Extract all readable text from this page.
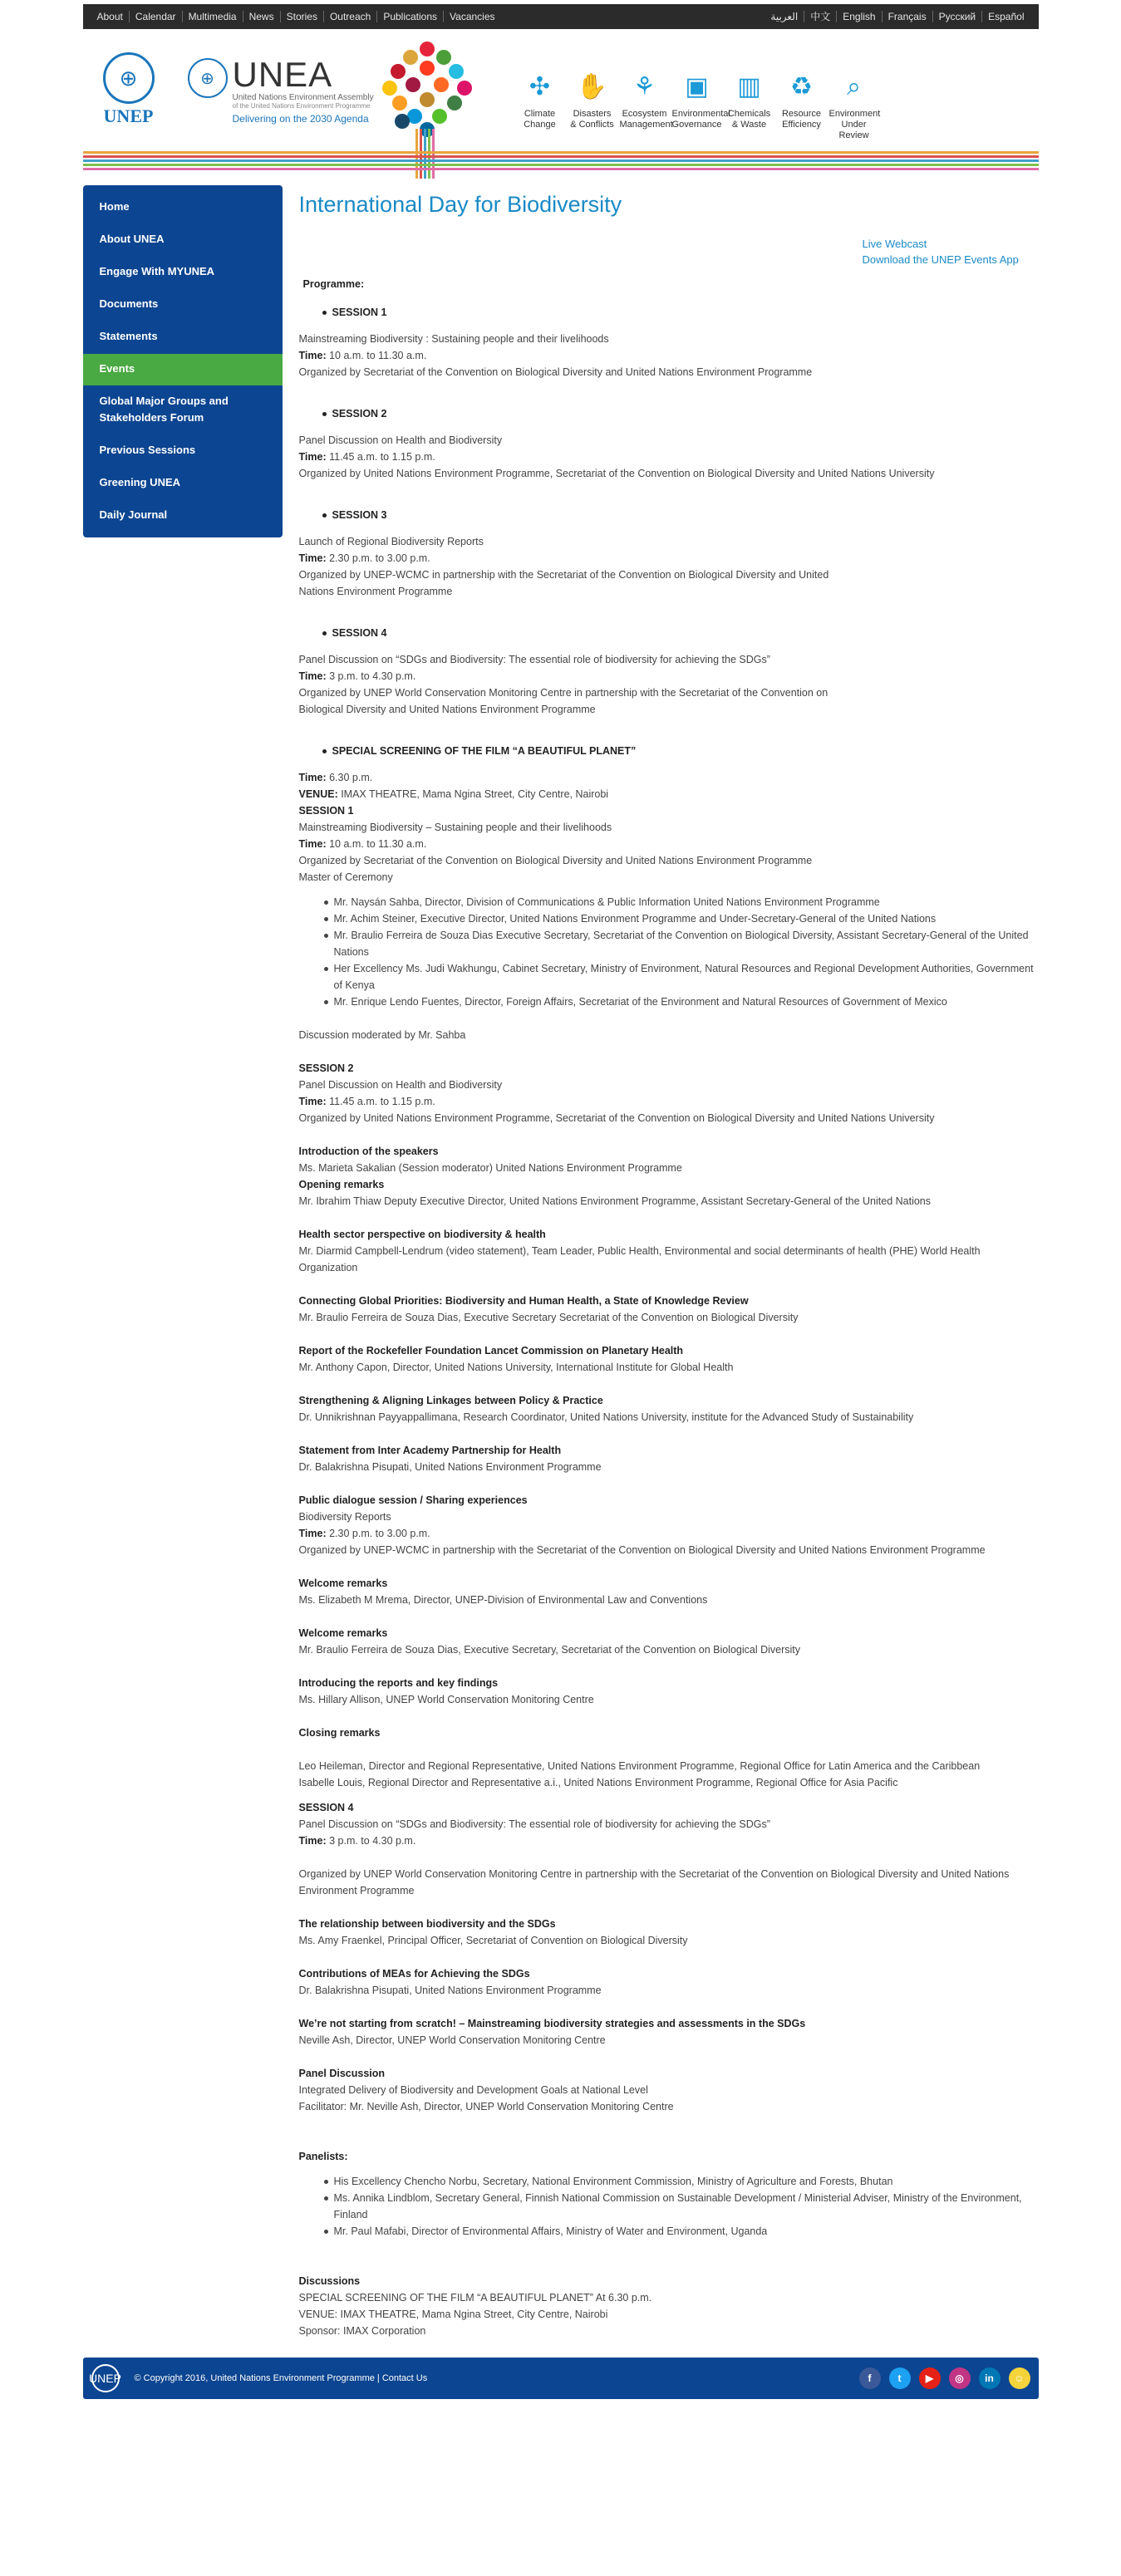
About	Calendar	Multimedia	News	Stories	Outreach	Publications	Vacancies	العربية	中文	English	Français	Русский	Español
⊕
UNEP
⊕ UNEA
United Nations Environment Assembly
of the United Nations Environment Programme
Delivering on the 2030 Agenda
✣
Climate
Change
✋
Disasters
& Conflicts
⚘
Ecosystem
Management
▣
Environmental
Governance
▥
Chemicals
& Waste
♻
Resource
Efficiency
⌕
Environment
Under Review
Home
About UNEA
Engage With MYUNEA
Documents
Statements
Events
Global Major Groups and Stakeholders Forum
Previous Sessions
Greening UNEA
Daily Journal
International Day for Biodiversity
Live Webcast
Download the UNEP Events App
Programme:
SESSION 1
Mainstreaming Biodiversity : Sustaining people and their livelihoods
Time: 10 a.m. to 11.30 a.m.
Organized by Secretariat of the Convention on Biological Diversity and United Nations Environment Programme
SESSION 2
Panel Discussion on Health and Biodiversity
Time: 11.45 a.m. to 1.15 p.m.
Organized by United Nations Environment Programme, Secretariat of the Convention on Biological Diversity and United Nations University
SESSION 3
Launch of Regional Biodiversity Reports
Time: 2.30 p.m. to 3.00 p.m.
Organized by UNEP-WCMC in partnership with the Secretariat of the Convention on Biological Diversity and United Nations Environment Programme
SESSION 4
Panel Discussion on “SDGs and Biodiversity: The essential role of biodiversity for achieving the SDGs”
Time: 3 p.m. to 4.30 p.m.
Organized by UNEP World Conservation Monitoring Centre in partnership with the Secretariat of the Convention on Biological Diversity and United Nations Environment Programme
SPECIAL SCREENING OF THE FILM “A BEAUTIFUL PLANET”
Time: 6.30 p.m.
VENUE: IMAX THEATRE, Mama Ngina Street, City Centre, Nairobi
SESSION 1
Mainstreaming Biodiversity – Sustaining people and their livelihoods
Time: 10 a.m. to 11.30 a.m.
Organized by Secretariat of the Convention on Biological Diversity and United Nations Environment Programme
Master of Ceremony
Mr. Naysán Sahba, Director, Division of Communications & Public Information United Nations Environment Programme
Mr. Achim Steiner, Executive Director, United Nations Environment Programme and Under-Secretary-General of the United Nations
Mr. Braulio Ferreira de Souza Dias Executive Secretary, Secretariat of the Convention on Biological Diversity, Assistant Secretary-General of the United Nations
Her Excellency Ms. Judi Wakhungu, Cabinet Secretary, Ministry of Environment, Natural Resources and Regional Development Authorities, Government of Kenya
Mr. Enrique Lendo Fuentes, Director, Foreign Affairs, Secretariat of the Environment and Natural Resources of Government of Mexico
Discussion moderated by Mr. Sahba
SESSION 2
Panel Discussion on Health and Biodiversity
Time: 11.45 a.m. to 1.15 p.m.
Organized by United Nations Environment Programme, Secretariat of the Convention on Biological Diversity and United Nations University
Introduction of the speakers
Ms. Marieta Sakalian (Session moderator) United Nations Environment Programme
Opening remarks
Mr. Ibrahim Thiaw Deputy Executive Director, United Nations Environment Programme, Assistant Secretary-General of the United Nations
Health sector perspective on biodiversity & health
Mr. Diarmid Campbell-Lendrum (video statement), Team Leader, Public Health, Environmental and social determinants of health (PHE) World Health Organization
Connecting Global Priorities: Biodiversity and Human Health, a State of Knowledge Review
Mr. Braulio Ferreira de Souza Dias, Executive Secretary Secretariat of the Convention on Biological Diversity
Report of the Rockefeller Foundation Lancet Commission on Planetary Health
Mr. Anthony Capon, Director, United Nations University, International Institute for Global Health
Strengthening & Aligning Linkages between Policy & Practice
Dr. Unnikrishnan Payyappallimana, Research Coordinator, United Nations University, institute for the Advanced Study of Sustainability
Statement from Inter Academy Partnership for Health
Dr. Balakrishna Pisupati, United Nations Environment Programme
Public dialogue session / Sharing experiences
Biodiversity Reports
Time: 2.30 p.m. to 3.00 p.m.
Organized by UNEP-WCMC in partnership with the Secretariat of the Convention on Biological Diversity and United Nations Environment Programme
Welcome remarks
Ms. Elizabeth M Mrema, Director, UNEP-Division of Environmental Law and Conventions
Welcome remarks
Mr. Braulio Ferreira de Souza Dias, Executive Secretary, Secretariat of the Convention on Biological Diversity
Introducing the reports and key findings
Ms. Hillary Allison, UNEP World Conservation Monitoring Centre
Closing remarks
Leo Heileman, Director and Regional Representative, United Nations Environment Programme, Regional Office for Latin America and the Caribbean
Isabelle Louis, Regional Director and Representative a.i., United Nations Environment Programme, Regional Office for Asia Pacific
SESSION 4
Panel Discussion on “SDGs and Biodiversity: The essential role of biodiversity for achieving the SDGs”
Time: 3 p.m. to 4.30 p.m.
Organized by UNEP World Conservation Monitoring Centre in partnership with the Secretariat of the Convention on Biological Diversity and United Nations Environment Programme
The relationship between biodiversity and the SDGs
Ms. Amy Fraenkel, Principal Officer, Secretariat of Convention on Biological Diversity
Contributions of MEAs for Achieving the SDGs
Dr. Balakrishna Pisupati, United Nations Environment Programme
We’re not starting from scratch! – Mainstreaming biodiversity strategies and assessments in the SDGs
Neville Ash, Director, UNEP World Conservation Monitoring Centre
Panel Discussion
Integrated Delivery of Biodiversity and Development Goals at National Level
Facilitator: Mr. Neville Ash, Director, UNEP World Conservation Monitoring Centre
Panelists:
His Excellency Chencho Norbu, Secretary, National Environment Commission, Ministry of Agriculture and Forests, Bhutan
Ms. Annika Lindblom, Secretary General, Finnish National Commission on Sustainable Development / Ministerial Adviser, Ministry of the Environment, Finland
Mr. Paul Mafabi, Director of Environmental Affairs, Ministry of Water and Environment, Uganda
Discussions
SPECIAL SCREENING OF THE FILM “A BEAUTIFUL PLANET” At 6.30 p.m.
VENUE: IMAX THEATRE, Mama Ngina Street, City Centre, Nairobi
Sponsor: IMAX Corporation
UNEP © Copyright 2016, United Nations Environment Programme | Contact Us	f	t	▶	◎	in	☺
